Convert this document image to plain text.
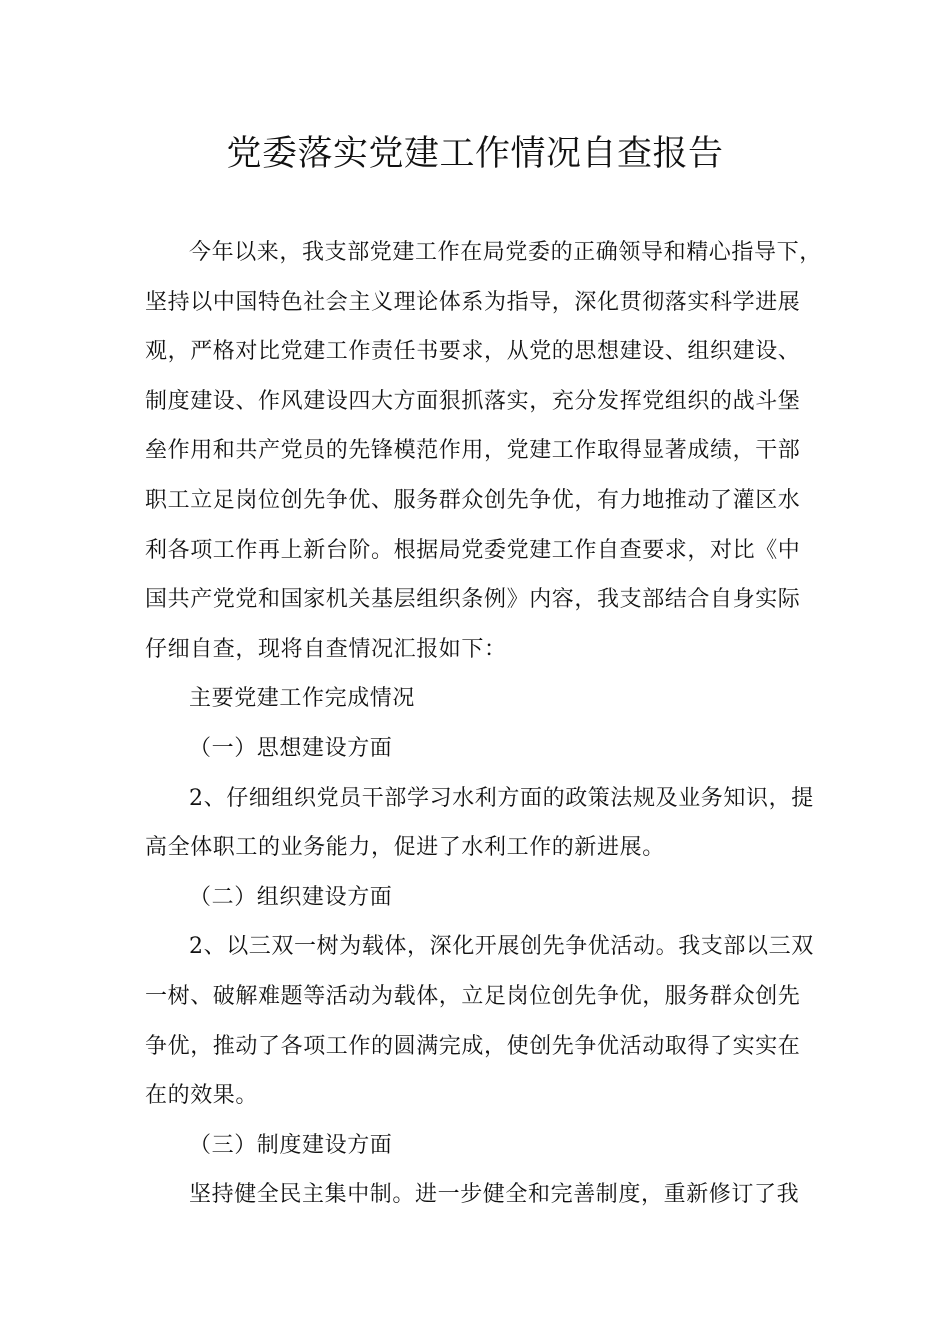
党委落实党建工作情况自查报告
今年以来，我支部党建工作在局党委的正确领导和精心指导下，
坚持以中国特色社会主义理论体系为指导，深化贯彻落实科学进展
观，严格对比党建工作责任书要求，从党的思想建设、组织建设、
制度建设、作风建设四大方面狠抓落实，充分发挥党组织的战斗堡
垒作用和共产党员的先锋模范作用，党建工作取得显著成绩，干部
职工立足岗位创先争优、服务群众创先争优，有力地推动了灌区水
利各项工作再上新台阶。根据局党委党建工作自查要求，对比《中
国共产党党和国家机关基层组织条例》内容，我支部结合自身实际
仔细自查，现将自查情况汇报如下：
主要党建工作完成情况
（一）思想建设方面
2、仔细组织党员干部学习水利方面的政策法规及业务知识，提
高全体职工的业务能力，促进了水利工作的新进展。
（二）组织建设方面
2、以三双一树为载体，深化开展创先争优活动。我支部以三双
一树、破解难题等活动为载体，立足岗位创先争优，服务群众创先
争优，推动了各项工作的圆满完成，使创先争优活动取得了实实在
在的效果。
（三）制度建设方面
坚持健全民主集中制。进一步健全和完善制度，重新修订了我
